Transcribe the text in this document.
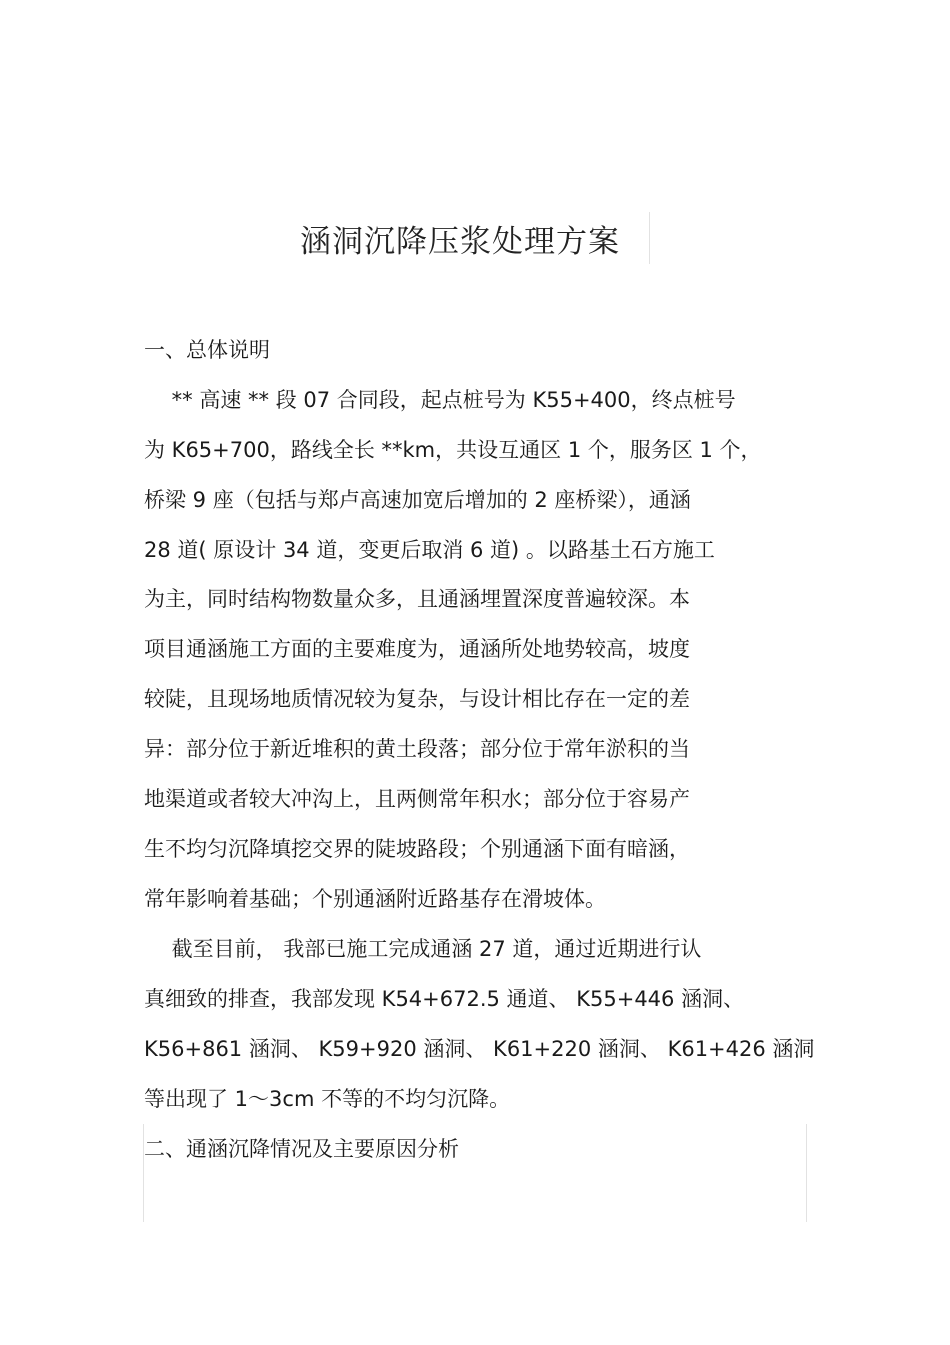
涵洞沉降压浆处理方案
一、总体说明
　 ** 高速 ** 段 07 合同段，起点桩号为 K55+400，终点桩号
为 K65+700，路线全长 **km，共设互通区 1 个，服务区 1 个，
桥梁 9 座（包括与郑卢高速加宽后增加的 2 座桥梁），通涵
28 道( 原设计 34 道，变更后取消 6 道) 。以路基土石方施工
为主，同时结构物数量众多，且通涵埋置深度普遍较深。本
项目通涵施工方面的主要难度为，通涵所处地势较高，坡度
较陡，且现场地质情况较为复杂，与设计相比存在一定的差
异：部分位于新近堆积的黄土段落；部分位于常年淤积的当
地渠道或者较大冲沟上，且两侧常年积水；部分位于容易产
生不均匀沉降填挖交界的陡坡路段；个别通涵下面有暗涵，
常年影响着基础；个别通涵附近路基存在滑坡体。
　 截至目前， 我部已施工完成通涵 27 道，通过近期进行认
真细致的排查，我部发现 K54+672.5 通道、 K55+446 涵洞、
K56+861 涵洞、 K59+920 涵洞、 K61+220 涵洞、 K61+426 涵洞
等出现了 1～3cm 不等的不均匀沉降。
二、通涵沉降情况及主要原因分析
